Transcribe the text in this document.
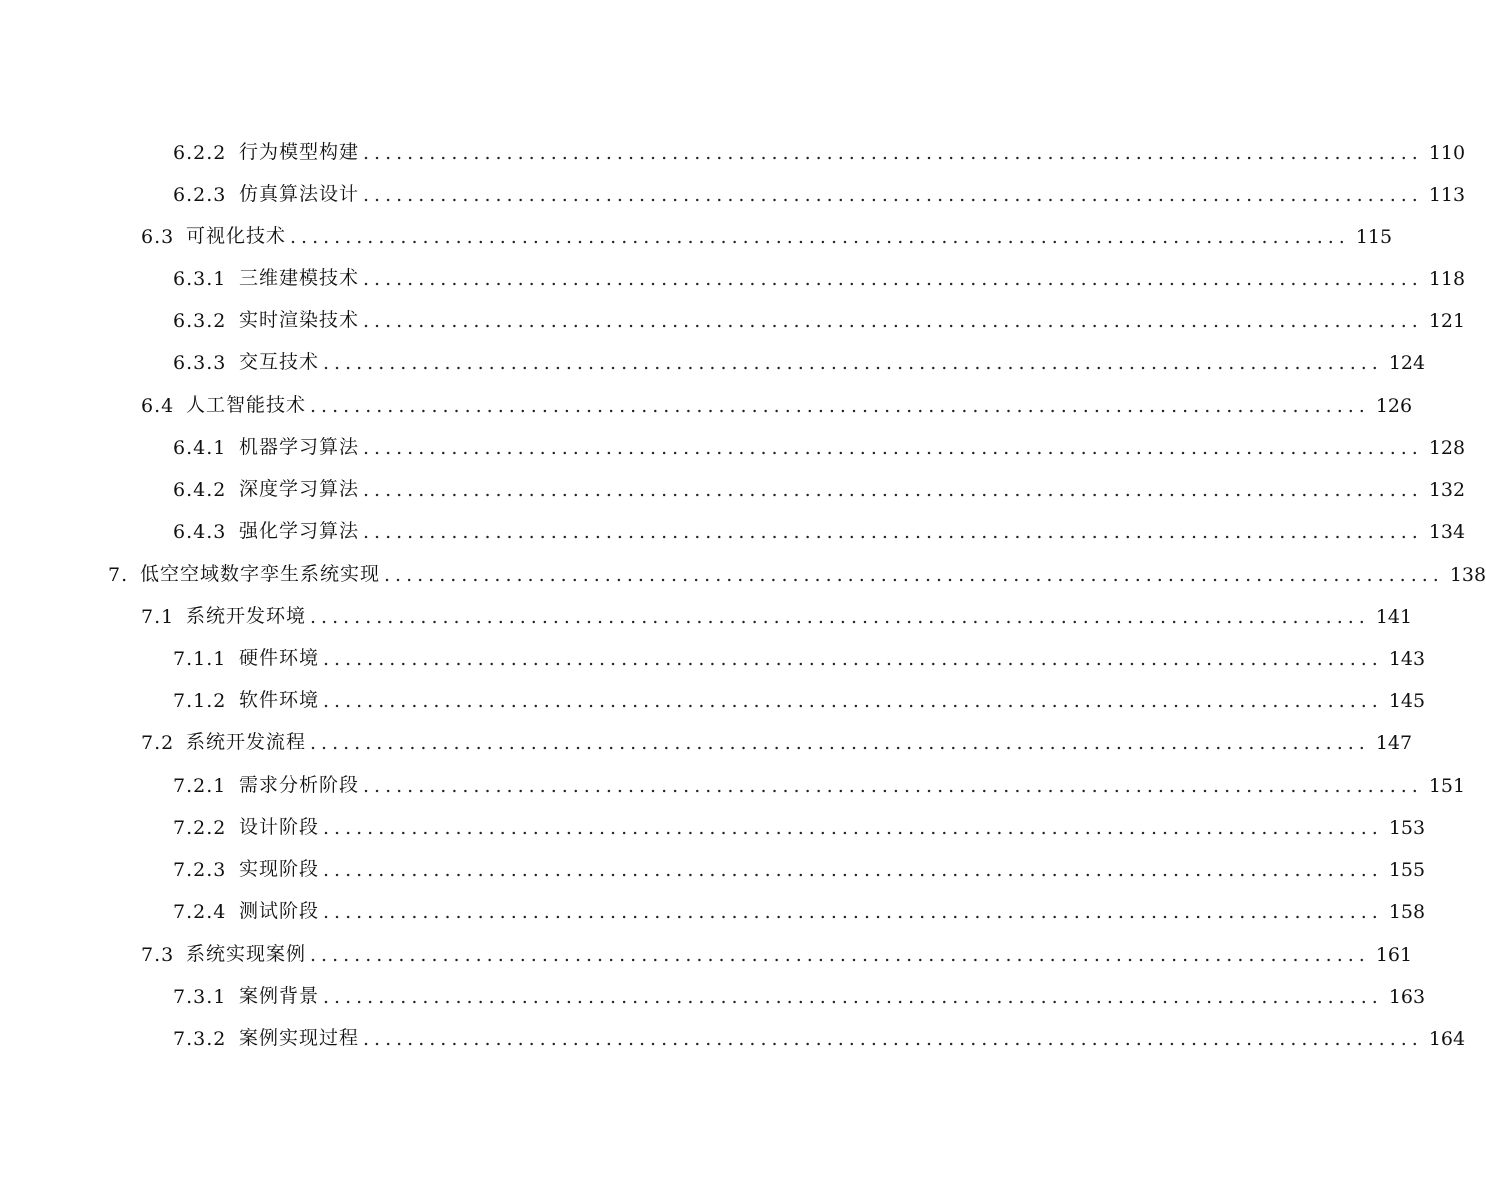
6.2.2 行为模型构建 ................................................................................................ 110
6.2.3 仿真算法设计 ................................................................................................ 113
6.3 可视化技术 ................................................................................................ 115
6.3.1 三维建模技术 ................................................................................................ 118
6.3.2 实时渲染技术 ................................................................................................ 121
6.3.3 交互技术 ................................................................................................ 124
6.4 人工智能技术 ................................................................................................ 126
6.4.1 机器学习算法 ................................................................................................ 128
6.4.2 深度学习算法 ................................................................................................ 132
6.4.3 强化学习算法 ................................................................................................ 134
7. 低空空域数字孪生系统实现 ................................................................................................ 138
7.1 系统开发环境 ................................................................................................ 141
7.1.1 硬件环境 ................................................................................................ 143
7.1.2 软件环境 ................................................................................................ 145
7.2 系统开发流程 ................................................................................................ 147
7.2.1 需求分析阶段 ................................................................................................ 151
7.2.2 设计阶段 ................................................................................................ 153
7.2.3 实现阶段 ................................................................................................ 155
7.2.4 测试阶段 ................................................................................................ 158
7.3 系统实现案例 ................................................................................................ 161
7.3.1 案例背景 ................................................................................................ 163
7.3.2 案例实现过程 ................................................................................................ 164
